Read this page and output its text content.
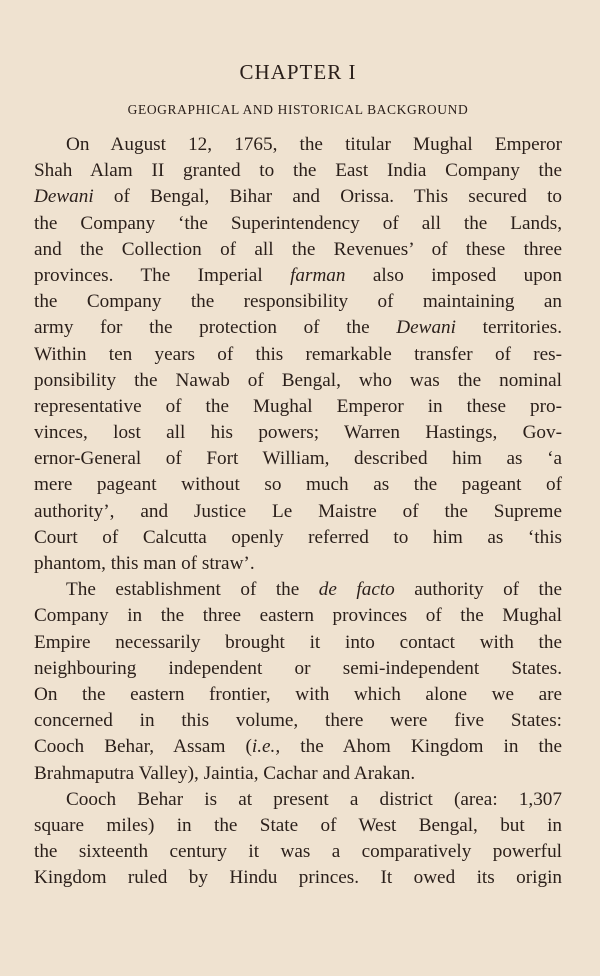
CHAPTER I
GEOGRAPHICAL AND HISTORICAL BACKGROUND
On August 12, 1765, the titular Mughal Emperor
Shah Alam II granted to the East India Company the
Dewani of Bengal, Bihar and Orissa. This secured to
the Company ‘the Superintendency of all the Lands,
and the Collection of all the Revenues’ of these three
provinces. The Imperial farman also imposed upon
the Company the responsibility of maintaining an
army for the protection of the Dewani territories.
Within ten years of this remarkable transfer of res-
ponsibility the Nawab of Bengal, who was the nominal
representative of the Mughal Emperor in these pro-
vinces, lost all his powers; Warren Hastings, Gov-
ernor-General of Fort William, described him as ‘a
mere pageant without so much as the pageant of
authority’, and Justice Le Maistre of the Supreme
Court of Calcutta openly referred to him as ‘this
phantom, this man of straw’.
The establishment of the de facto authority of the
Company in the three eastern provinces of the Mughal
Empire necessarily brought it into contact with the
neighbouring independent or semi-independent States.
On the eastern frontier, with which alone we are
concerned in this volume, there were five States:
Cooch Behar, Assam (i.e., the Ahom Kingdom in the
Brahmaputra Valley), Jaintia, Cachar and Arakan.
Cooch Behar is at present a district (area: 1,307
square miles) in the State of West Bengal, but in
the sixteenth century it was a comparatively powerful
Kingdom ruled by Hindu princes. It owed its origin
